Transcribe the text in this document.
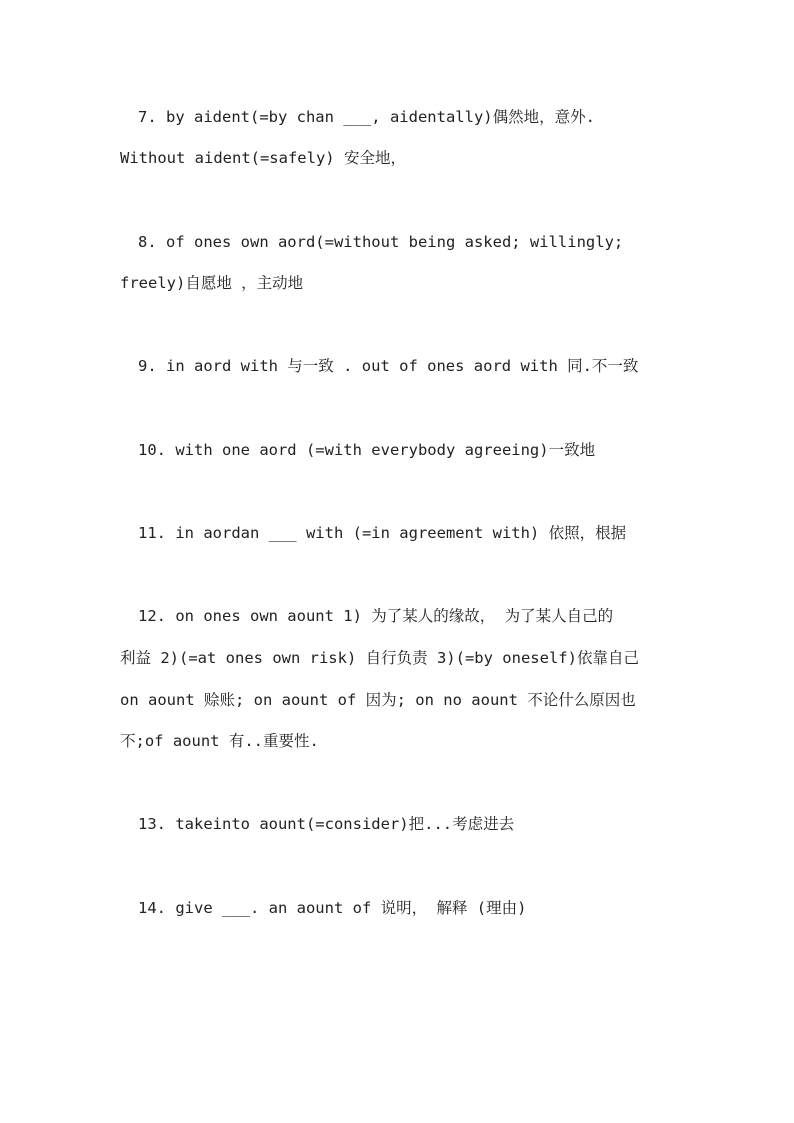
7. by aident(=by chan ___, aidentally)偶然地，意外.
Without aident(=safely) 安全地，
8. of ones own aord(=without being asked; willingly;
freely)自愿地 ，主动地
9. in aord with 与一致 . out of ones aord with 同.不一致
10. with one aord (=with everybody agreeing)一致地
11. in aordan ___ with (=in agreement with) 依照，根据
12. on ones own aount 1) 为了某人的缘故， 为了某人自己的
利益 2)(=at ones own risk) 自行负责 3)(=by oneself)依靠自己
on aount 赊账; on aount of 因为; on no aount 不论什么原因也
不;of aount 有..重要性.
13. takeinto aount(=consider)把...考虑进去
14. give ___. an aount of 说明， 解释 (理由)
